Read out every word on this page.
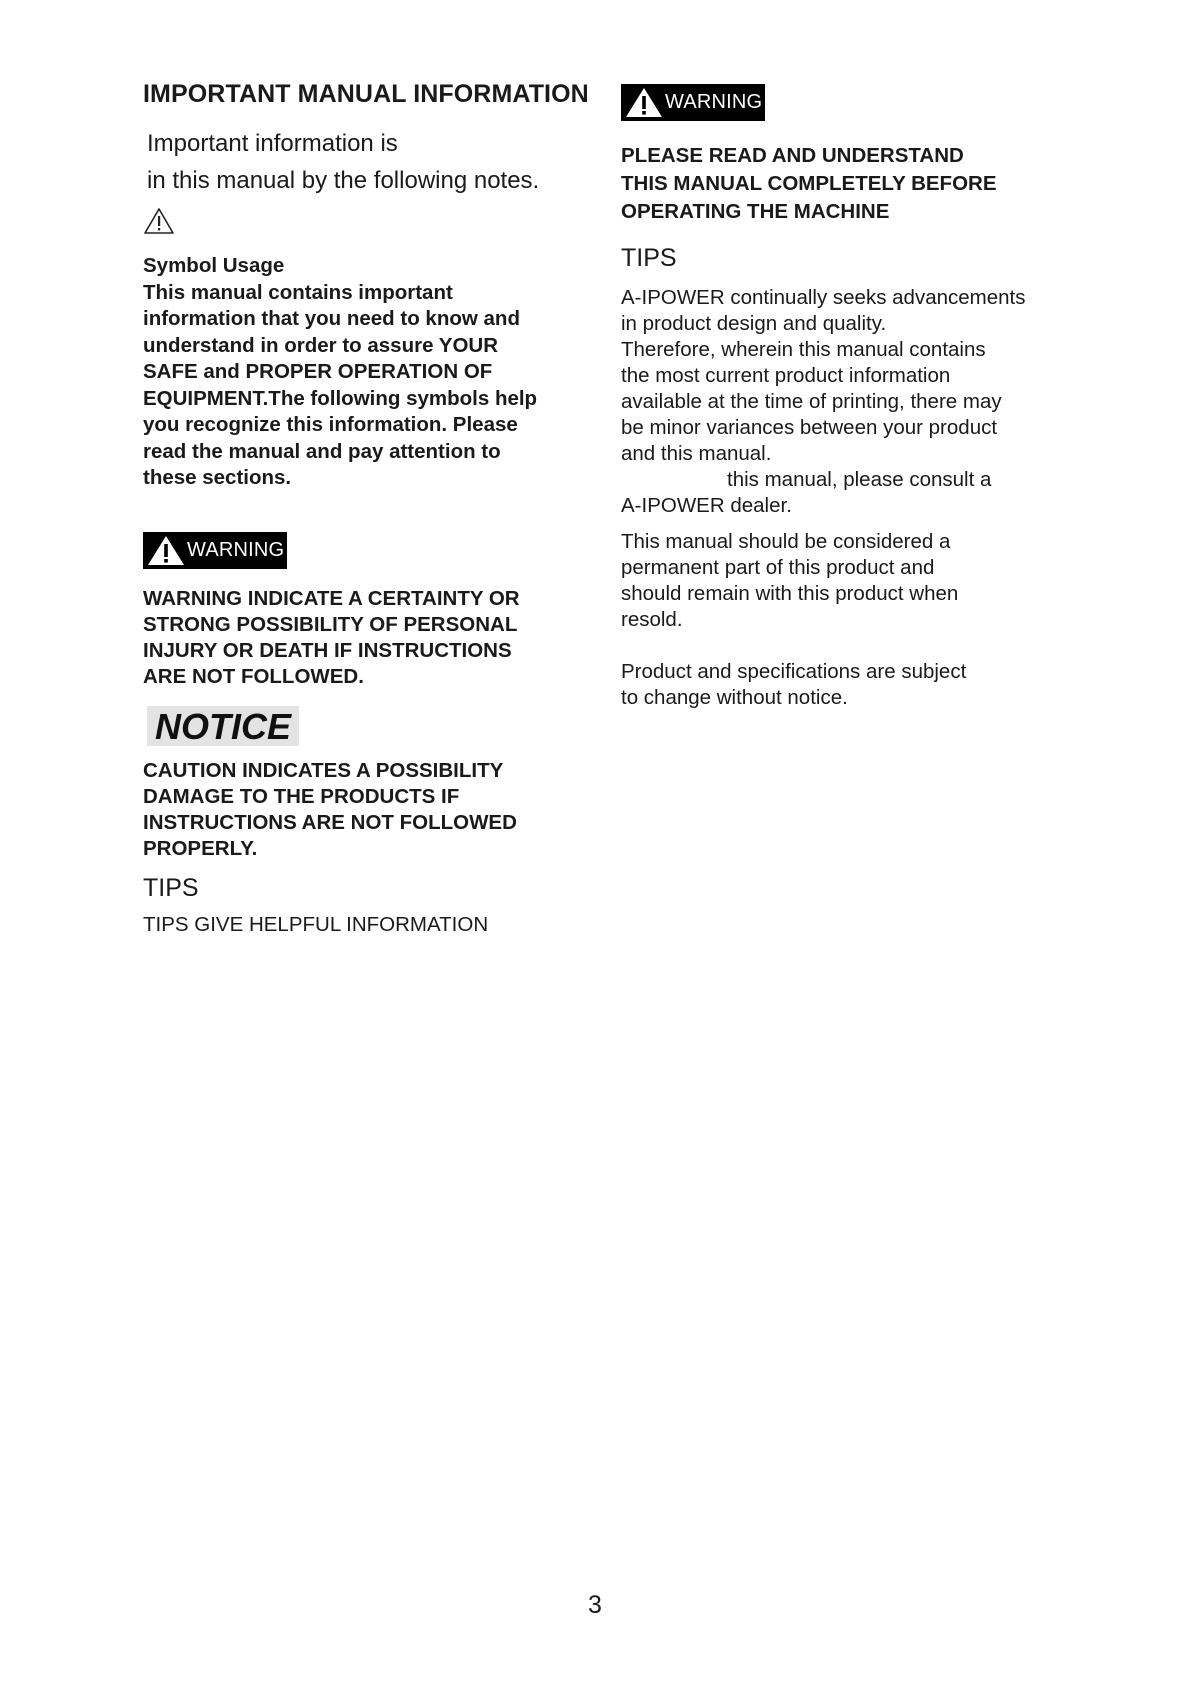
IMPORTANT MANUAL INFORMATION
Important information is
in this manual by the following notes.
Symbol Usage
This manual contains important
information that you need to know and
understand in order to assure YOUR
SAFE and PROPER OPERATION OF
EQUIPMENT.The following symbols help
you recognize this information. Please
read the manual and pay attention to
these sections.
WARNING
WARNING INDICATE A CERTAINTY OR
STRONG POSSIBILITY OF PERSONAL
INJURY OR DEATH IF INSTRUCTIONS
ARE NOT FOLLOWED.
NOTICE
CAUTION INDICATES A POSSIBILITY
DAMAGE TO THE PRODUCTS IF
INSTRUCTIONS ARE NOT FOLLOWED
PROPERLY.
TIPS
TIPS GIVE HELPFUL INFORMATION
WARNING
PLEASE READ AND UNDERSTAND
THIS MANUAL COMPLETELY BEFORE
OPERATING THE MACHINE
TIPS
A-IPOWER continually seeks advancements
in product design and quality.
Therefore, wherein this manual contains
the most current product information
available at the time of printing, there may
be minor variances between your product
and this manual.
this manual, please consult a
A-IPOWER dealer.
This manual should be considered a
permanent part of this product and
should remain with this product when
resold.
Product and specifications are subject
to change without notice.
3
